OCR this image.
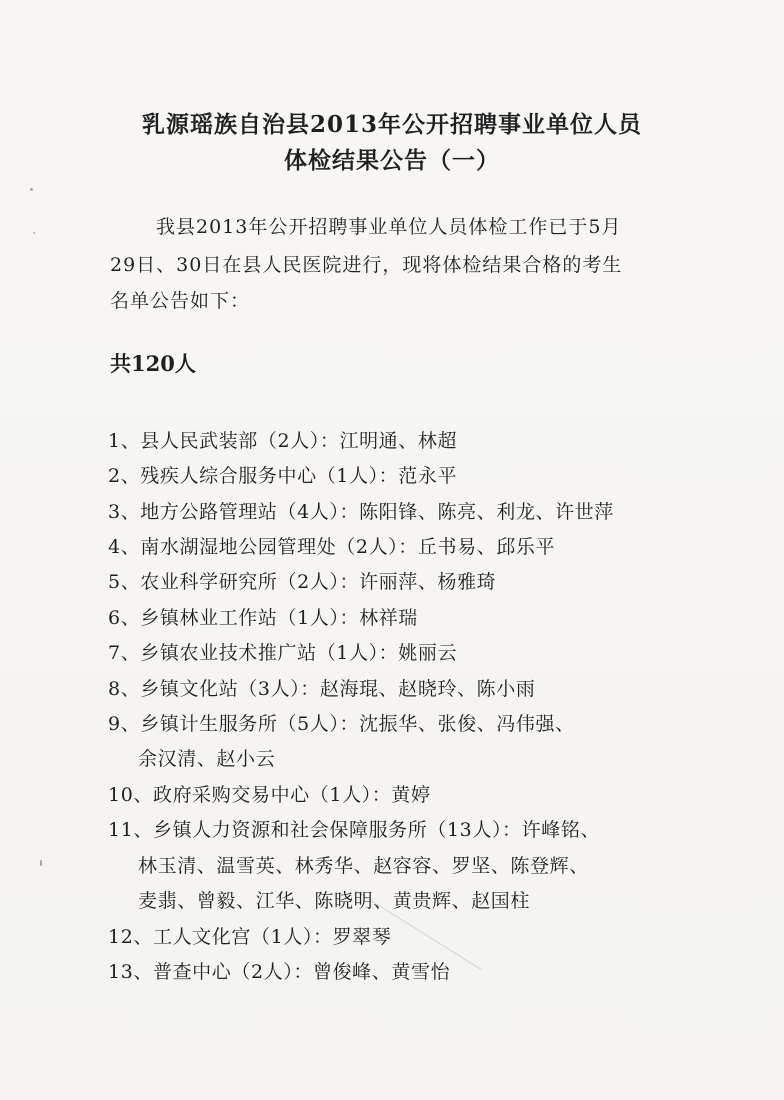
乳源瑶族自治县2013年公开招聘事业单位人员
体检结果公告（一）
我县2013年公开招聘事业单位人员体检工作已于5月
29日、30日在县人民医院进行，现将体检结果合格的考生
名单公告如下：
共120人
1、县人民武装部（2人）：江明通、林超
2、残疾人综合服务中心（1人）：范永平
3、地方公路管理站（4人）：陈阳锋、陈亮、利龙、许世萍
4、南水湖湿地公园管理处（2人）：丘书易、邱乐平
5、农业科学研究所（2人）：许丽萍、杨雅琦
6、乡镇林业工作站（1人）：林祥瑞
7、乡镇农业技术推广站（1人）：姚丽云
8、乡镇文化站（3人）：赵海琨、赵晓玲、陈小雨
9、乡镇计生服务所（5人）：沈振华、张俊、冯伟强、
余汉清、赵小云
10、政府采购交易中心（1人）：黄婷
11、乡镇人力资源和社会保障服务所（13人）：许峰铭、
林玉清、温雪英、林秀华、赵容容、罗坚、陈登辉、
麦翡、曾毅、江华、陈晓明、黄贵辉、赵国柱
12、工人文化宫（1人）：罗翠琴
13、普查中心（2人）：曾俊峰、黄雪怡
